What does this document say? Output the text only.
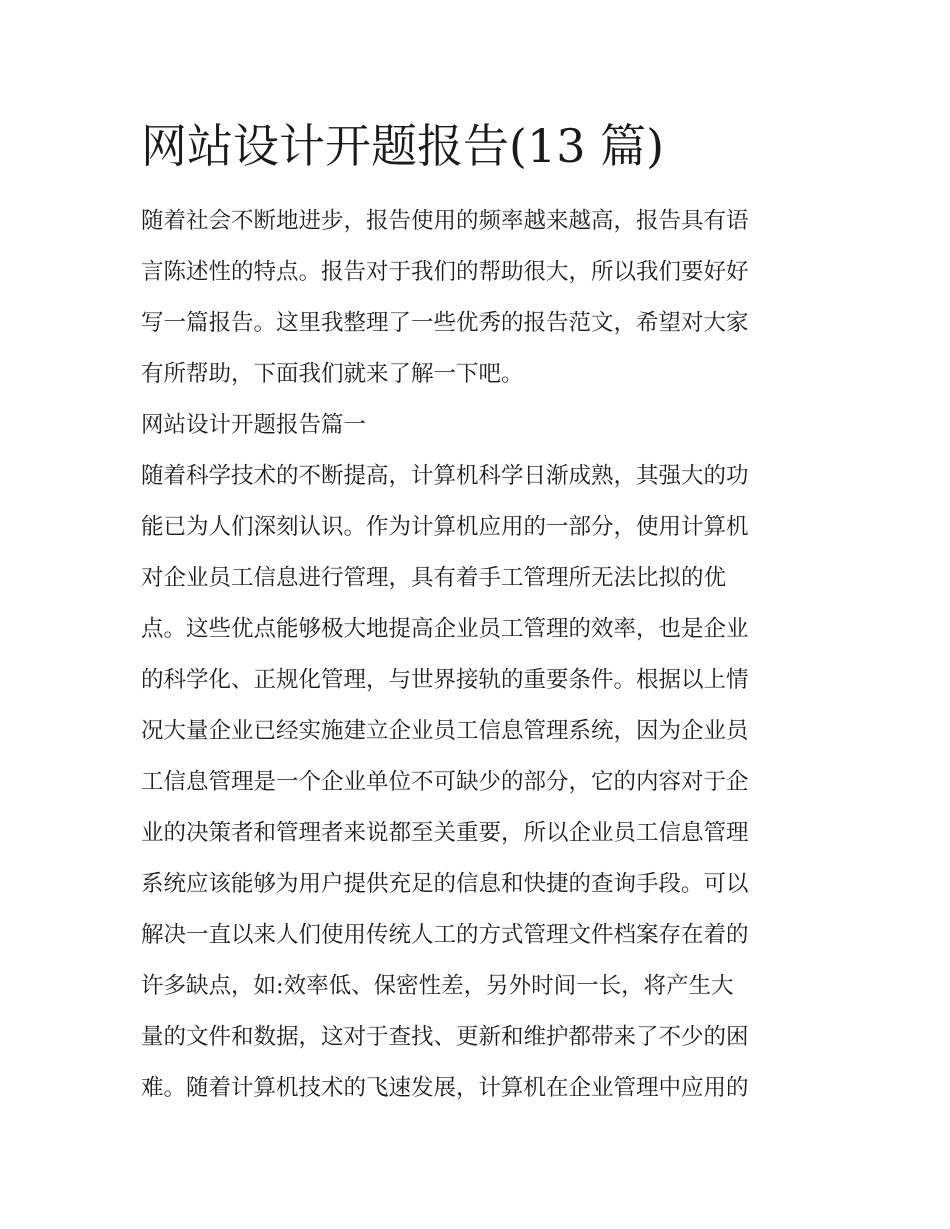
网站设计开题报告(13 篇)

随着社会不断地进步，报告使用的频率越来越高，报告具有语
言陈述性的特点。报告对于我们的帮助很大，所以我们要好好
写一篇报告。这里我整理了一些优秀的报告范文，希望对大家
有所帮助，下面我们就来了解一下吧。

网站设计开题报告篇一

随着科学技术的不断提高，计算机科学日渐成熟，其强大的功
能已为人们深刻认识。作为计算机应用的一部分，使用计算机
对企业员工信息进行管理，具有着手工管理所无法比拟的优
点。这些优点能够极大地提高企业员工管理的效率，也是企业
的科学化、正规化管理，与世界接轨的重要条件。根据以上情
况大量企业已经实施建立企业员工信息管理系统，因为企业员
工信息管理是一个企业单位不可缺少的部分，它的内容对于企
业的决策者和管理者来说都至关重要，所以企业员工信息管理
系统应该能够为用户提供充足的信息和快捷的查询手段。可以
解决一直以来人们使用传统人工的方式管理文件档案存在着的
许多缺点，如:效率低、保密性差，另外时间一长，将产生大
量的文件和数据，这对于查找、更新和维护都带来了不少的困
难。随着计算机技术的飞速发展，计算机在企业管理中应用的
